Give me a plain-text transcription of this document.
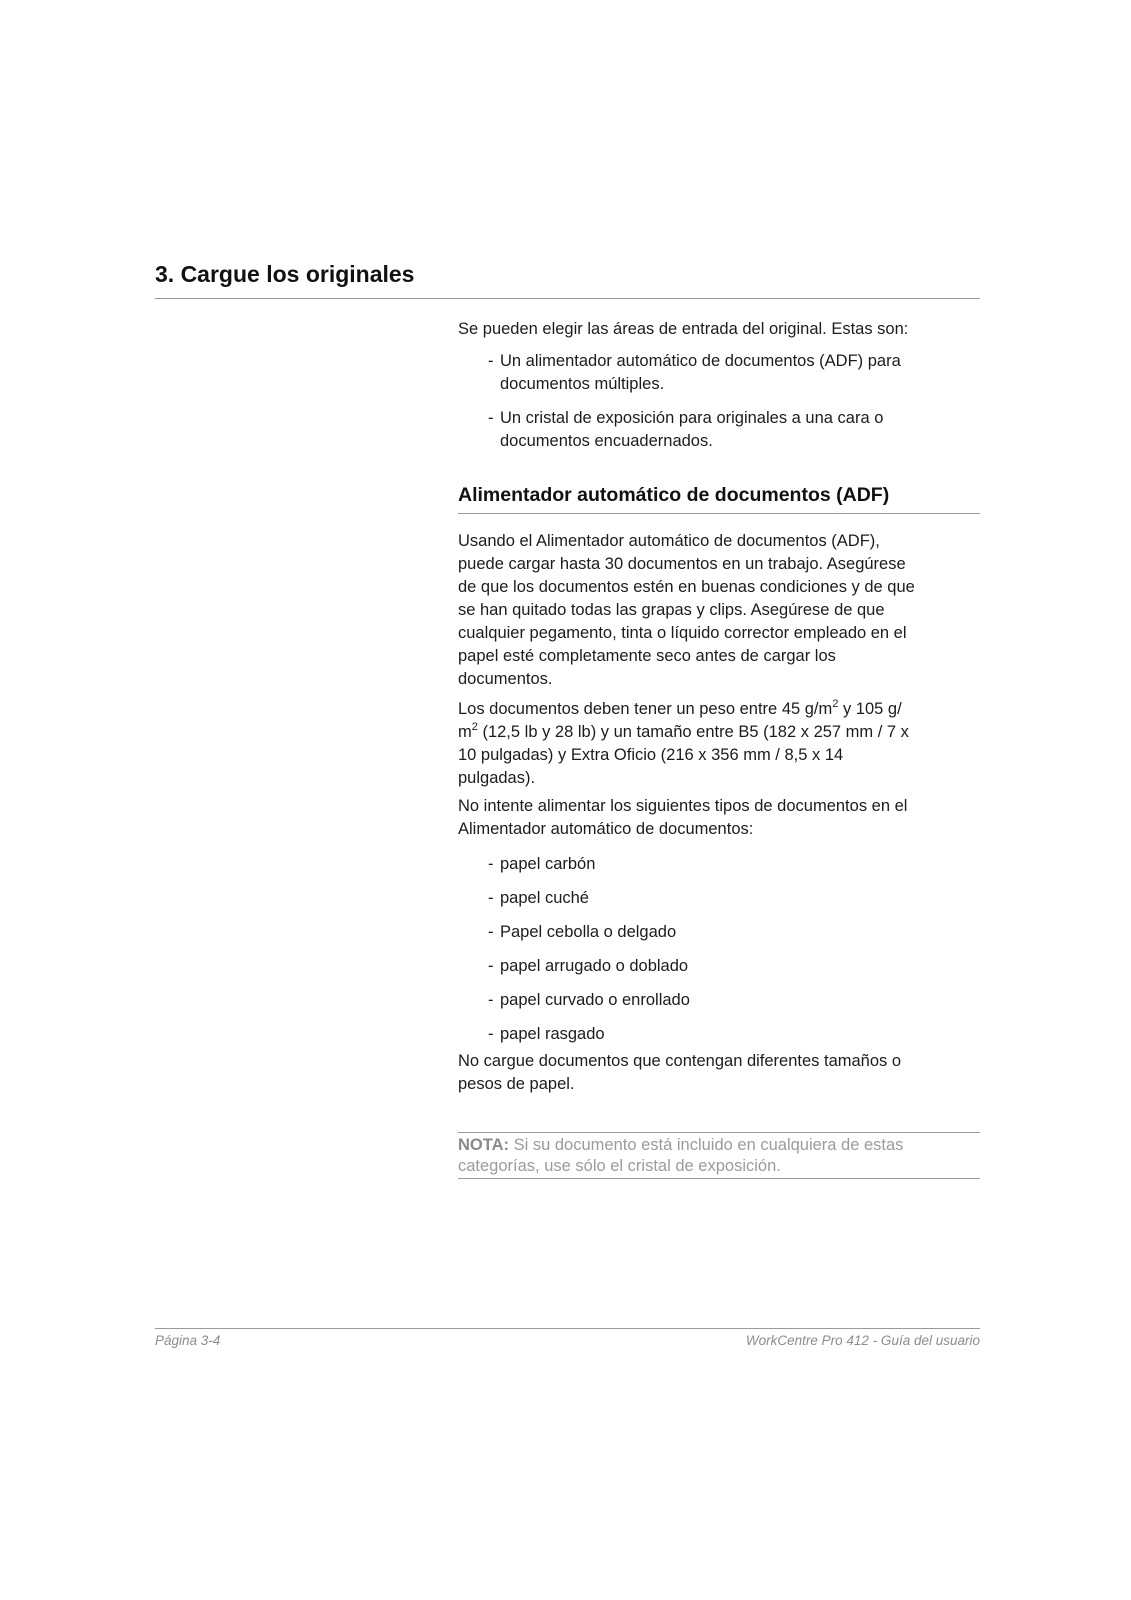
3. Cargue los originales

Se pueden elegir las áreas de entrada del original. Estas son:

- Un alimentador automático de documentos (ADF) para
documentos múltiples.
- Un cristal de exposición para originales a una cara o
documentos encuadernados.
Alimentador automático de documentos (ADF)
Usando el Alimentador automático de documentos (ADF),
puede cargar hasta 30 documentos en un trabajo. Asegúrese
de que los documentos estén en buenas condiciones y de que
se han quitado todas las grapas y clips. Asegúrese de que
cualquier pegamento, tinta o líquido corrector empleado en el
papel esté completamente seco antes de cargar los
documentos.
Los documentos deben tener un peso entre 45 $g/m^2$ y 105 g/
$m^2$ (12,5 lb y 28 lb) y un tamaño entre B5 (182 x 257 mm / 7 x
10 pulgadas) y Extra Oficio (216 x 356 mm / 8,5 x 14
pulgadas).
No intente alimentar los siguientes tipos de documentos en el
Alimentador automático de documentos:
- papel carbón
- papel cuché
- Papel cebolla o delgado
- papel arrugado o doblado
- papel curvado o enrollado
- papel rasgado
No cargue documentos que contengan diferentes tamaños o
pesos de papel.
NOTA: Si su documento está incluido en cualquiera de estas
categorías, use sólo el cristal de exposición.
Página 3-4	WorkCentre Pro 412 - Guía del usuario
